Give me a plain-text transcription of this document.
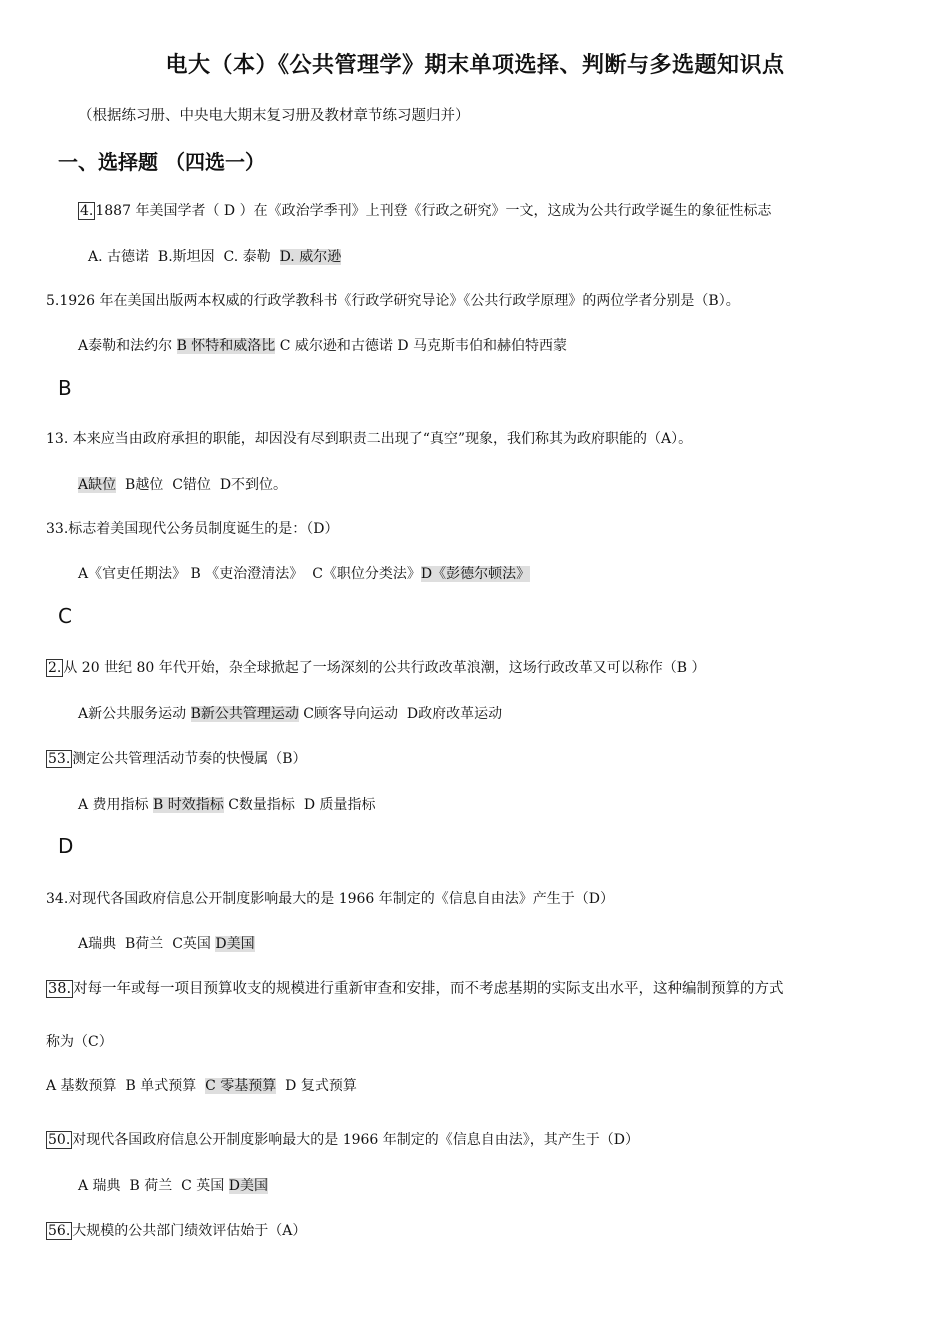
电大（本）《公共管理学》期末单项选择、判断与多选题知识点

（根据练习册、中央电大期末复习册及教材章节练习题归并）

一、选择题 （四选一）

4. 1887 年美国学者（ D ）在《政治学季刊》上刊登《行政之研究》一文，这成为公共行政学诞生的象征性标志

A. 古德诺  B.斯坦因  C. 泰勒  D. 威尔逊

5.1926 年在美国出版两本权威的行政学教科书《行政学研究导论》《公共行政学原理》的两位学者分别是（B）。

A泰勒和法约尔 B 怀特和威洛比 C 威尔逊和古德诺 D 马克斯韦伯和赫伯特西蒙

B

13. 本来应当由政府承担的职能，却因没有尽到职责二出现了“真空”现象，我们称其为政府职能的（A）。

A缺位  B越位  C错位  D不到位。

33.标志着美国现代公务员制度诞生的是：（D）

A《官吏任期法》 B 《吏治澄清法》  C《职位分类法》D《彭德尔顿法》

C

2. 从 20 世纪 80 年代开始，杂全球掀起了一场深刻的公共行政改革浪潮，这场行政改革又可以称作（B ）

A新公共服务运动 B新公共管理运动 C顾客导向运动  D政府改革运动

53. 测定公共管理活动节奏的快慢属（B）

A 费用指标 B 时效指标 C数量指标  D 质量指标

D

34.对现代各国政府信息公开制度影响最大的是 1966 年制定的《信息自由法》产生于（D）

A瑞典  B荷兰  C英国 D美国

38. 对每一年或每一项目预算收支的规模进行重新审查和安排，而不考虑基期的实际支出水平，这种编制预算的方式

称为（C）

A 基数预算  B 单式预算  C 零基预算  D 复式预算

50. 对现代各国政府信息公开制度影响最大的是 1966 年制定的《信息自由法》，其产生于（D）

A 瑞典  B 荷兰  C 英国 D美国

56. 大规模的公共部门绩效评估始于（A）
